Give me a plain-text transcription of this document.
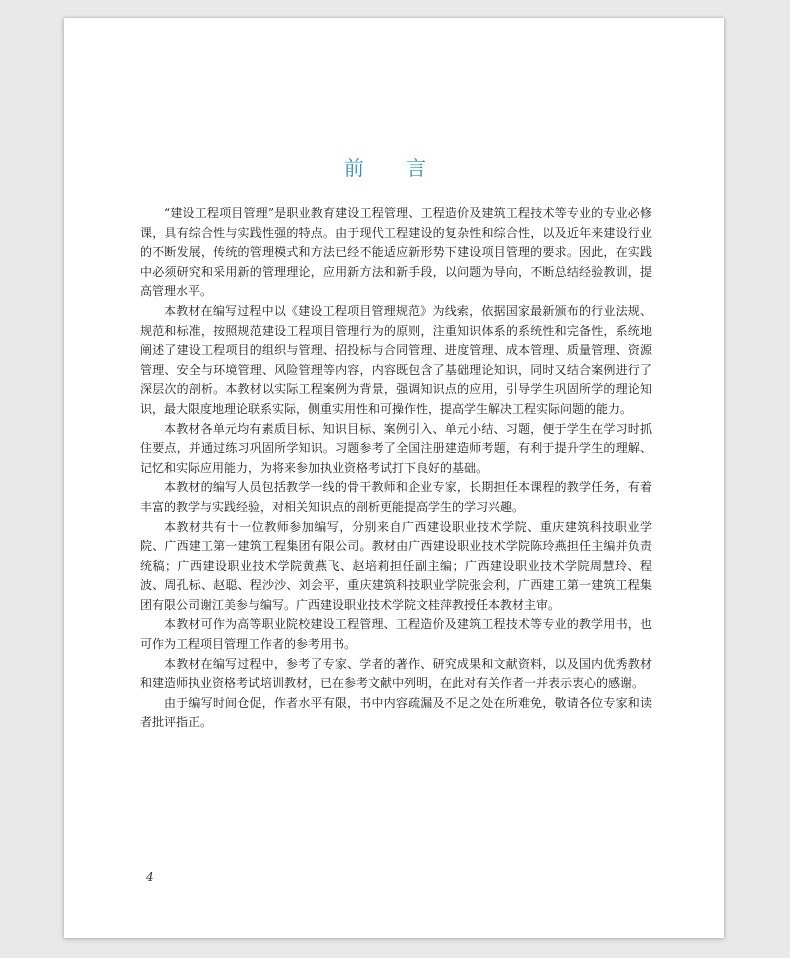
前 言

“建设工程项目管理”是职业教育建设工程管理、工程造价及建筑工程技术等专业的专业必修课，具有综合性与实践性强的特点。由于现代工程建设的复杂性和综合性，以及近年来建设行业的不断发展，传统的管理模式和方法已经不能适应新形势下建设项目管理的要求。因此，在实践中必须研究和采用新的管理理论，应用新方法和新手段，以问题为导向，不断总结经验教训，提高管理水平。

本教材在编写过程中以《建设工程项目管理规范》为线索，依据国家最新颁布的行业法规、规范和标准，按照规范建设工程项目管理行为的原则，注重知识体系的系统性和完备性，系统地阐述了建设工程项目的组织与管理、招投标与合同管理、进度管理、成本管理、质量管理、资源管理、安全与环境管理、风险管理等内容，内容既包含了基础理论知识，同时又结合案例进行了深层次的剖析。本教材以实际工程案例为背景，强调知识点的应用，引导学生巩固所学的理论知识，最大限度地理论联系实际，侧重实用性和可操作性，提高学生解决工程实际问题的能力。

本教材各单元均有素质目标、知识目标、案例引入、单元小结、习题，便于学生在学习时抓住要点，并通过练习巩固所学知识。习题参考了全国注册建造师考题，有利于提升学生的理解、记忆和实际应用能力，为将来参加执业资格考试打下良好的基础。

本教材的编写人员包括教学一线的骨干教师和企业专家，长期担任本课程的教学任务，有着丰富的教学与实践经验，对相关知识点的剖析更能提高学生的学习兴趣。

本教材共有十一位教师参加编写，分别来自广西建设职业技术学院、重庆建筑科技职业学院、广西建工第一建筑工程集团有限公司。教材由广西建设职业技术学院陈玲燕担任主编并负责统稿；广西建设职业技术学院黄燕飞、赵培莉担任副主编；广西建设职业技术学院周慧玲、程波、周孔标、赵聪、程沙沙、刘会平，重庆建筑科技职业学院张会利，广西建工第一建筑工程集团有限公司谢江美参与编写。广西建设职业技术学院文桂萍教授任本教材主审。

本教材可作为高等职业院校建设工程管理、工程造价及建筑工程技术等专业的教学用书，也可作为工程项目管理工作者的参考用书。

本教材在编写过程中，参考了专家、学者的著作、研究成果和文献资料，以及国内优秀教材和建造师执业资格考试培训教材，已在参考文献中列明，在此对有关作者一并表示衷心的感谢。

由于编写时间仓促，作者水平有限，书中内容疏漏及不足之处在所难免，敬请各位专家和读者批评指正。

4
